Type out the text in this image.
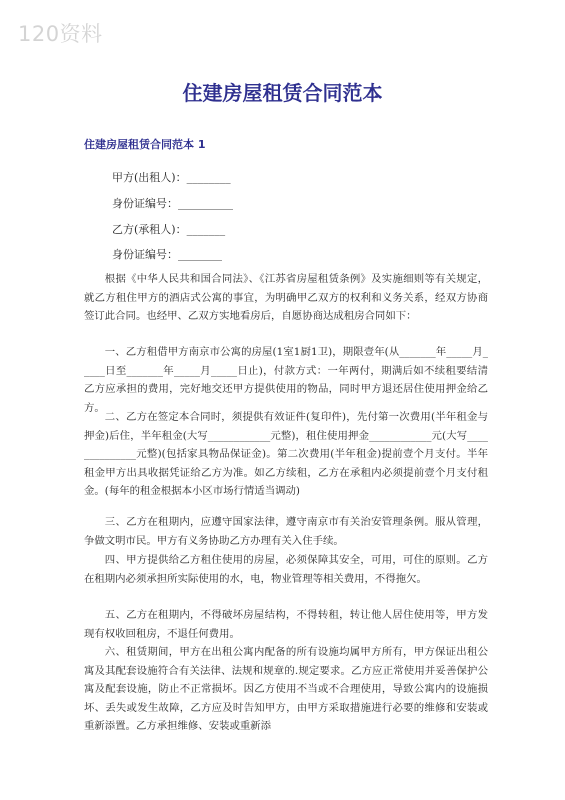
120资料
住建房屋租赁合同范本
住建房屋租赁合同范本 1
甲方(出租人)：________
身份证编号：__________
乙方(承租人)：_______
身份证编号：________
根据《中华人民共和国合同法》、《江苏省房屋租赁条例》及实施细则等有关规定，就乙方租住甲方的酒店式公寓的事宜，为明确甲乙双方的权利和义务关系，经双方协商签订此合同。也经甲、乙双方实地看房后，自愿协商达成租房合同如下：
一、乙方租借甲方南京市公寓的房屋(1室1厨1卫)，期限壹年(从_______年_____月_____日至_______年_____月_____日止)，付款方式：一年两付，期满后如不续租要结清乙方应承担的费用，完好地交还甲方提供使用的物品，同时甲方退还居住使用押金给乙方。
二、乙方在签定本合同时，须提供有效证件(复印件)，先付第一次费用(半年租金与押金)后住，半年租金(大写____________元整)，租住使用押金____________元(大写______________元整)(包括家具物品保证金)。第二次费用(半年租金)提前壹个月支付。半年租金甲方出具收据凭证给乙方为准。如乙方续租，乙方在承租内必须提前壹个月支付租金。(每年的租金根据本小区市场行情适当调动)
三、乙方在租期内，应遵守国家法律，遵守南京市有关治安管理条例。服从管理，争做文明市民。甲方有义务协助乙方办理有关入住手续。
四、甲方提供给乙方租住使用的房屋，必须保障其安全，可用，可住的原则。乙方在租期内必须承担所实际使用的水，电，物业管理等相关费用，不得拖欠。
五、乙方在租期内，不得破坏房屋结构，不得转租，转让他人居住使用等，甲方发现有权收回租房，不退任何费用。
六、租赁期间，甲方在出租公寓内配备的所有设施均属甲方所有，甲方保证出租公寓及其配套设施符合有关法律、法规和规章的.规定要求。乙方应正常使用并妥善保护公寓及配套设施，防止不正常损坏。因乙方使用不当或不合理使用，导致公寓内的设施损坏、丢失或发生故障，乙方应及时告知甲方，由甲方采取措施进行必要的维修和安装或重新添置。乙方承担维修、安装或重新添
